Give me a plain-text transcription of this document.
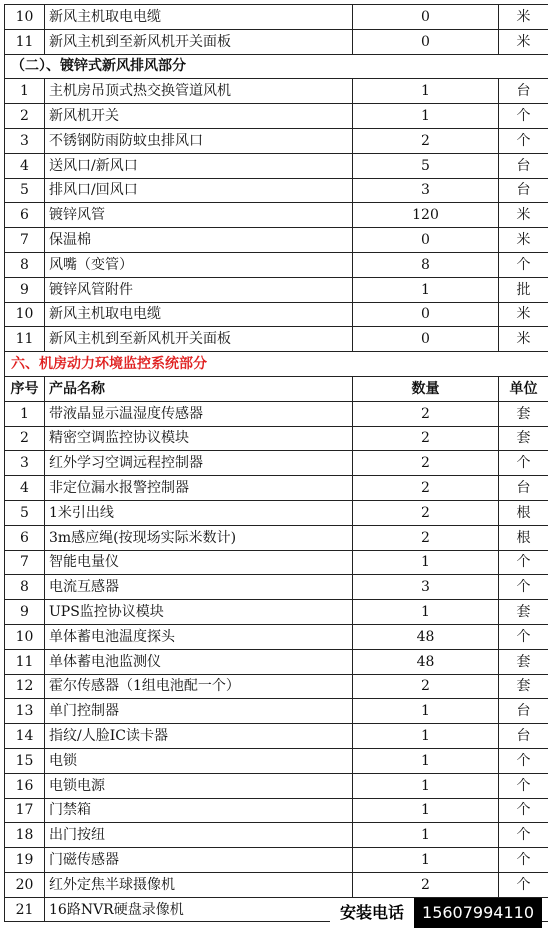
10	新风主机取电电缆	0	米
11	新风主机到至新风机开关面板	0	米
（二）、镀锌式新风排风部分			
1	主机房吊顶式热交换管道风机	1	台
2	新风机开关	1	个
3	不锈钢防雨防蚊虫排风口	2	个
4	送风口/新风口	5	台
5	排风口/回风口	3	台
6	镀锌风管	120	米
7	保温棉	0	米
8	风嘴（变管）	8	个
9	镀锌风管附件	1	批
10	新风主机取电电缆	0	米
11	新风主机到至新风机开关面板	0	米
六、机房动力环境监控系统部分			
序号	产品名称	数量	单位
1	带液晶显示温湿度传感器	2	套
2	精密空调监控协议模块	2	套
3	红外学习空调远程控制器	2	个
4	非定位漏水报警控制器	2	台
5	1米引出线	2	根
6	3m感应绳(按现场实际米数计)	2	根
7	智能电量仪	1	个
8	电流互感器	3	个
9	UPS监控协议模块	1	套
10	单体蓄电池温度探头	48	个
11	单体蓄电池监测仪	48	套
12	霍尔传感器（1组电池配一个）	2	套
13	单门控制器	1	台
14	指纹/人脸IC读卡器	1	台
15	电锁	1	个
16	电锁电源	1	个
17	门禁箱	1	个
18	出门按纽	1	个
19	门磁传感器	1	个
20	红外定焦半球摄像机	2	个
21	16路NVR硬盘录像机			安装电话	15607994110
